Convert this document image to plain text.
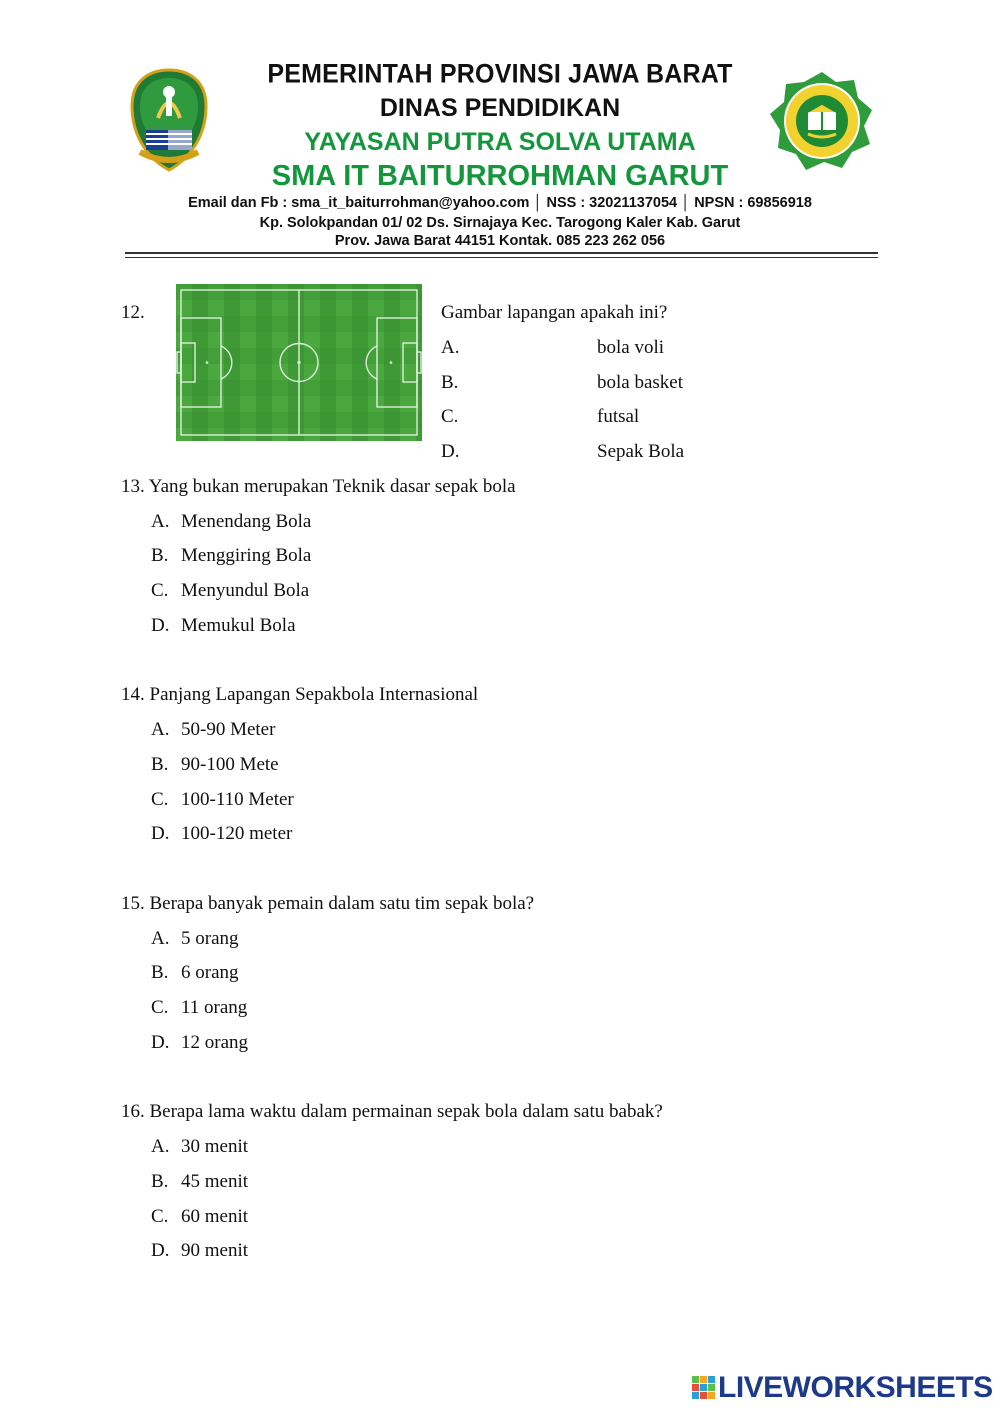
PEMERINTAH PROVINSI JAWA BARAT
DINAS PENDIDIKAN
YAYASAN PUTRA SOLVA UTAMA
SMA IT BAITURROHMAN GARUT
Email dan Fb : sma_it_baiturrohman@yahoo.com │ NSS : 32021137054 │ NPSN : 69856918
Kp. Solokpandan 01/ 02 Ds. Sirnajaya Kec. Tarogong Kaler Kab. Garut
Prov. Jawa Barat 44151 Kontak. 085 223 262 056
12.	Gambar lapangan apakah ini?
A.	bola voli
B.	bola basket
C.	futsal
D.	Sepak Bola
13. Yang bukan merupakan Teknik dasar sepak bola
A. Menendang Bola
B. Menggiring Bola
C. Menyundul Bola
D. Memukul Bola
14. Panjang Lapangan Sepakbola Internasional
A. 50-90 Meter
B. 90-100 Mete
C. 100-110 Meter
D. 100-120 meter
15. Berapa banyak pemain dalam satu tim sepak bola?
A. 5 orang
B. 6 orang
C. 11 orang
D. 12 orang
16. Berapa lama waktu dalam permainan sepak bola dalam satu babak?
A. 30 menit
B. 45 menit
C. 60 menit
D. 90 menit
LIVEWORKSHEETS
